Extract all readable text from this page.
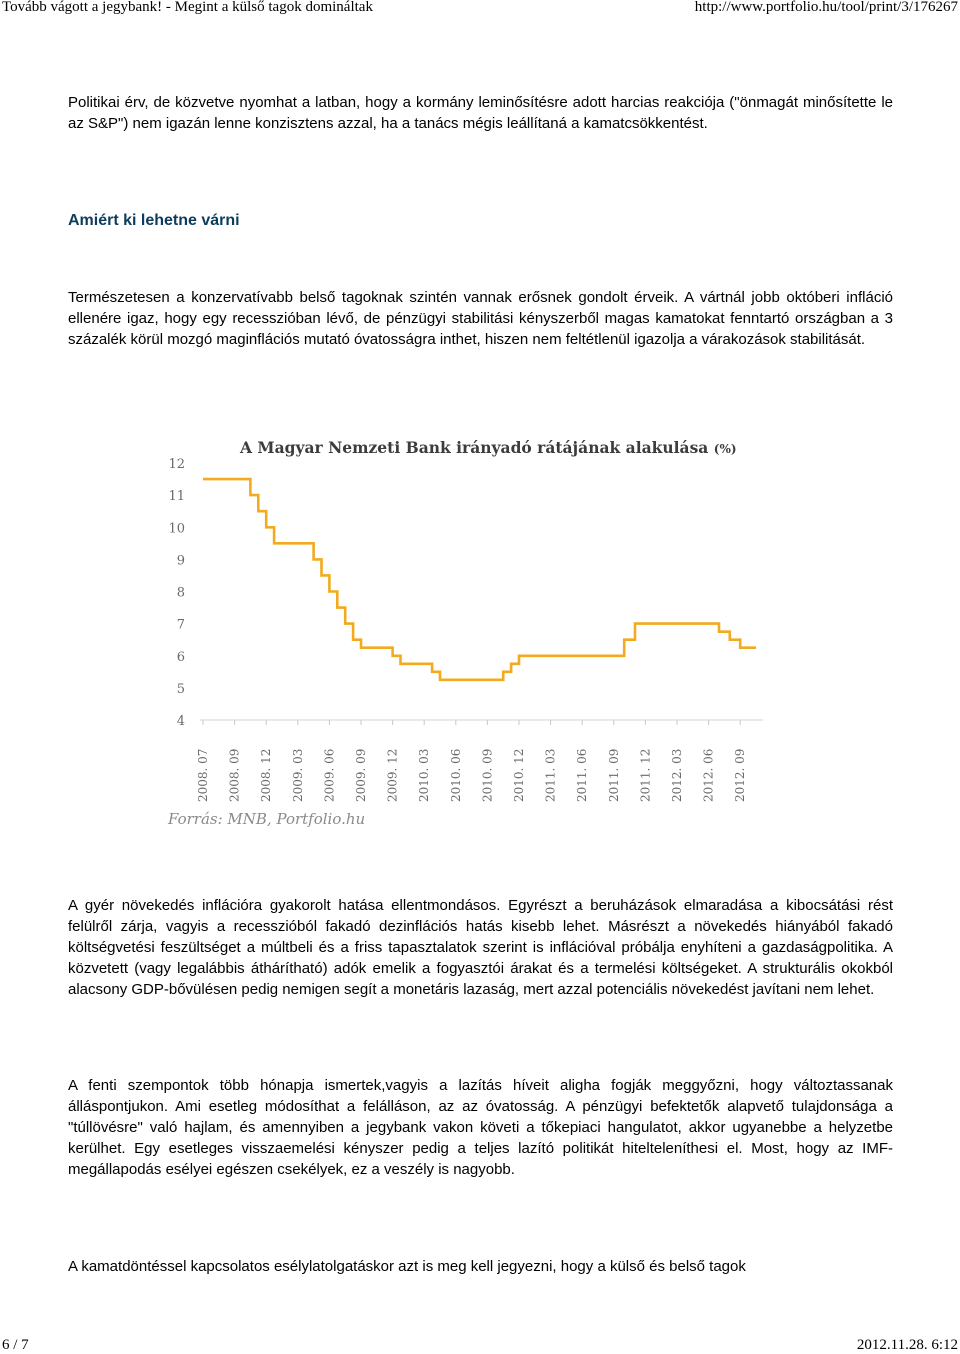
Tovább vágott a jegybank! - Megint a külső tagok domináltak	http://www.portfolio.hu/tool/print/3/176267

Politikai érv, de közvetve nyomhat a latban, hogy a kormány leminősítésre adott harcias reakciója ("önmagát minősítette le az S&P") nem igazán lenne konzisztens azzal, ha a tanács mégis leállítaná a kamatcsökkentést.

Amiért ki lehetne várni

Természetesen a konzervatívabb belső tagoknak szintén vannak erősnek gondolt érveik. A vártnál jobb októberi infláció ellenére igaz, hogy egy recesszióban lévő, de pénzügyi stabilitási kényszerből magas kamatokat fenntartó országban a 3 százalék körül mozgó maginflációs mutató óvatosságra inthet, hiszen nem feltétlenül igazolja a várakozások stabilitását.

A Magyar Nemzeti Bank irányadó rátájának alakulása (%)
12
11
10
9
8
7
6
5
4
2008. 07 2008. 09 2008. 12 2009. 03 2009. 06 2009. 09 2009. 12 2010. 03 2010. 06 2010. 09 2010. 12 2011. 03 2011. 06 2011. 09 2011. 12 2012. 03 2012. 06 2012. 09
Forrás: MNB, Portfolio.hu

A gyér növekedés inflációra gyakorolt hatása ellentmondásos. Egyrészt a beruházások elmaradása a kibocsátási rést felülről zárja, vagyis a recesszióból fakadó dezinflációs hatás kisebb lehet. Másrészt a növekedés hiányából fakadó költségvetési feszültséget a múltbeli és a friss tapasztalatok szerint is inflációval próbálja enyhíteni a gazdaságpolitika. A közvetett (vagy legalábbis áthárítható) adók emelik a fogyasztói árakat és a termelési költségeket. A strukturális okokból alacsony GDP-bővülésen pedig nemigen segít a monetáris lazaság, mert azzal potenciális növekedést javítani nem lehet.

A fenti szempontok több hónapja ismertek,vagyis a lazítás híveit aligha fogják meggyőzni, hogy változtassanak álláspontjukon. Ami esetleg módosíthat a felálláson, az az óvatosság. A pénzügyi befektetők alapvető tulajdonsága a "túllövésre" való hajlam, és amennyiben a jegybank vakon követi a tőkepiaci hangulatot, akkor ugyanebbe a helyzetbe kerülhet. Egy esetleges visszaemelési kényszer pedig a teljes lazító politikát hitelteleníthesi el. Most, hogy az IMF-megállapodás esélyei egészen csekélyek, ez a veszély is nagyobb.

A kamatdöntéssel kapcsolatos esélylatolgatáskor azt is meg kell jegyezni, hogy a külső és belső tagok

6 / 7	2012.11.28. 6:12
